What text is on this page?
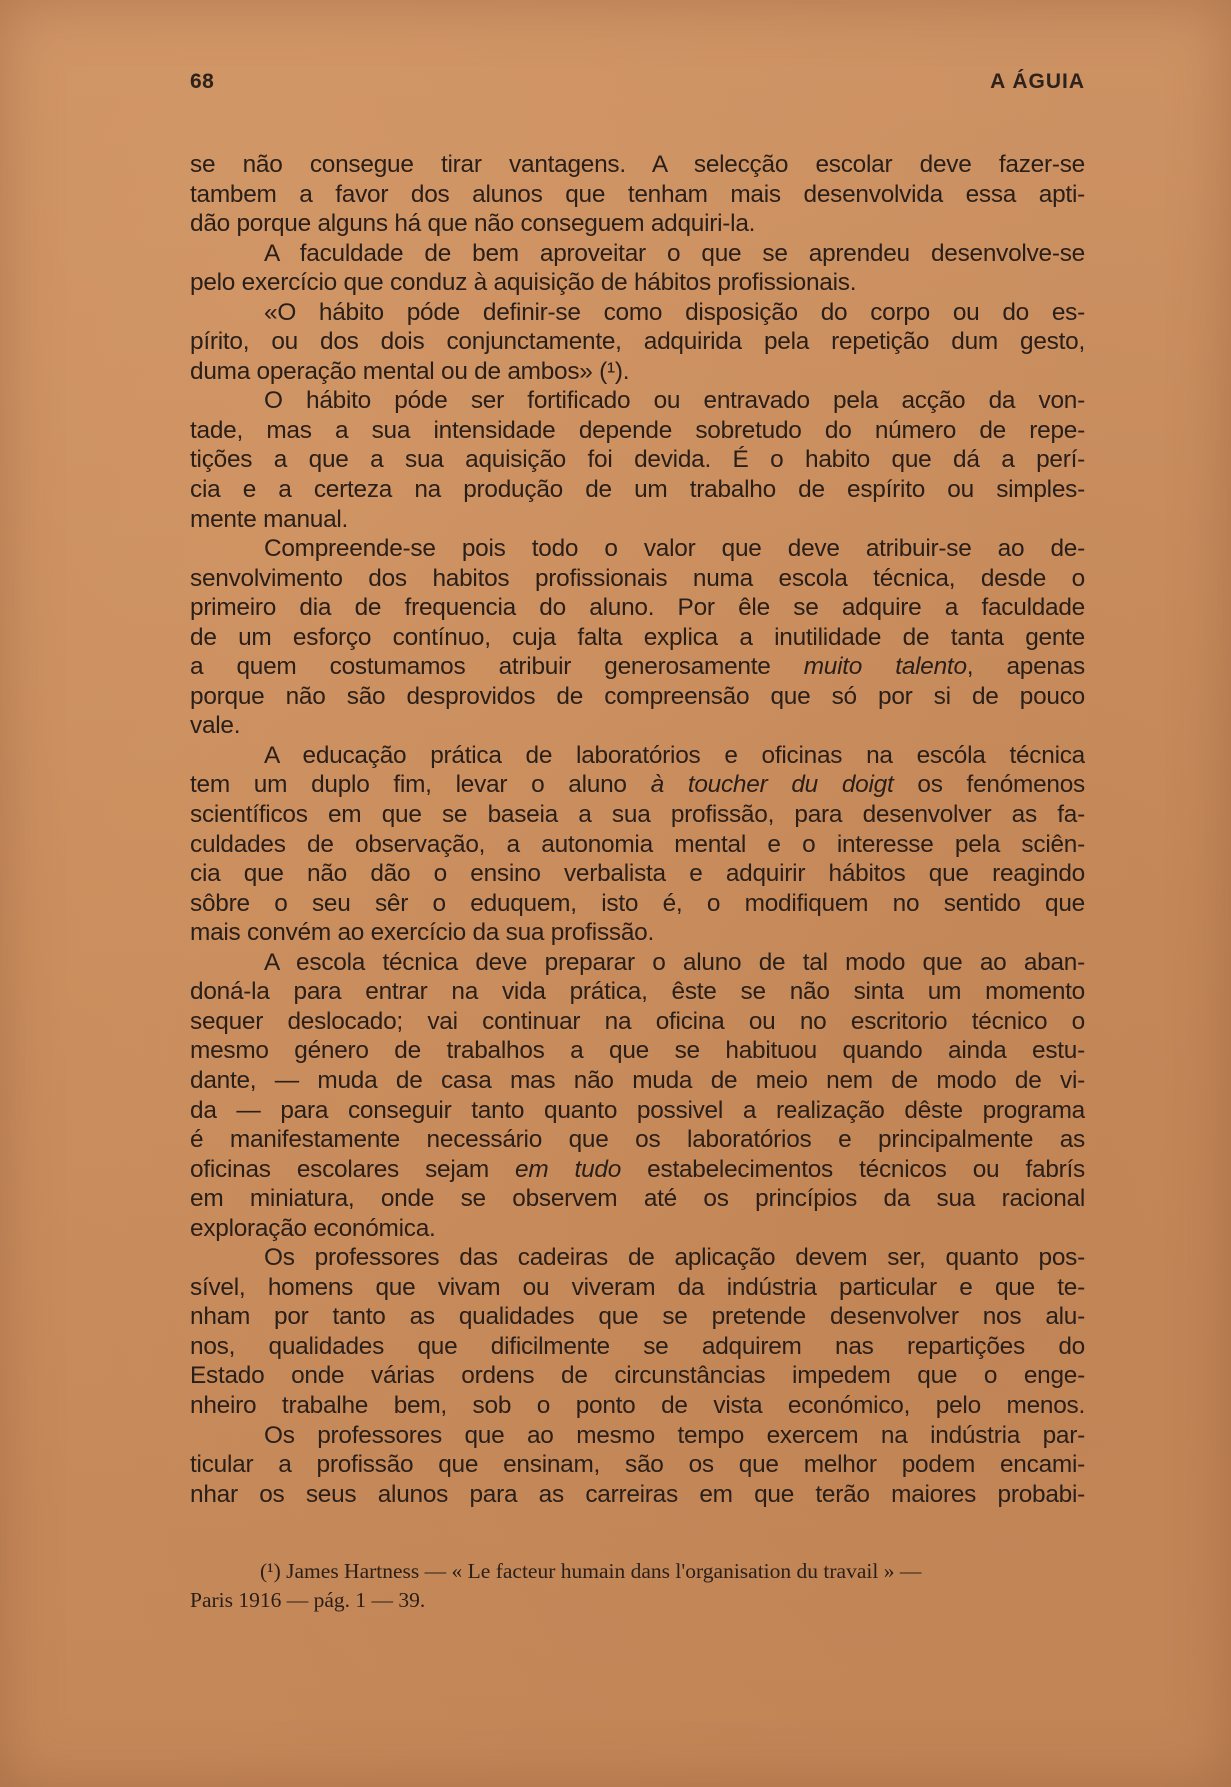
68	A ÁGUIA
se não consegue tirar vantagens. A selecção escolar deve fazer-se
tambem a favor dos alunos que tenham mais desenvolvida essa apti-
dão porque alguns há que não conseguem adquiri-la.
A faculdade de bem aproveitar o que se aprendeu desenvolve-se
pelo exercício que conduz à aquisição de hábitos profissionais.
«O hábito póde definir-se como disposição do corpo ou do es-
pírito, ou dos dois conjunctamente, adquirida pela repetição dum gesto,
duma operação mental ou de ambos» (¹).
O hábito póde ser fortificado ou entravado pela acção da von-
tade, mas a sua intensidade depende sobretudo do número de repe-
tições a que a sua aquisição foi devida. É o habito que dá a perí-
cia e a certeza na produção de um trabalho de espírito ou simples-
mente manual.
Compreende-se pois todo o valor que deve atribuir-se ao de-
senvolvimento dos habitos profissionais numa escola técnica, desde o
primeiro dia de frequencia do aluno. Por êle se adquire a faculdade
de um esforço contínuo, cuja falta explica a inutilidade de tanta gente
a quem costumamos atribuir generosamente muito talento, apenas
porque não são desprovidos de compreensão que só por si de pouco
vale.
A educação prática de laboratórios e oficinas na escóla técnica
tem um duplo fim, levar o aluno à toucher du doigt os fenómenos
scientíficos em que se baseia a sua profissão, para desenvolver as fa-
culdades de observação, a autonomia mental e o interesse pela sciên-
cia que não dão o ensino verbalista e adquirir hábitos que reagindo
sôbre o seu sêr o eduquem, isto é, o modifiquem no sentido que
mais convém ao exercício da sua profissão.
A escola técnica deve preparar o aluno de tal modo que ao aban-
doná-la para entrar na vida prática, êste se não sinta um momento
sequer deslocado; vai continuar na oficina ou no escritorio técnico o
mesmo género de trabalhos a que se habituou quando ainda estu-
dante, — muda de casa mas não muda de meio nem de modo de vi-
da — para conseguir tanto quanto possivel a realização dêste programa
é manifestamente necessário que os laboratórios e principalmente as
oficinas escolares sejam em tudo estabelecimentos técnicos ou fabrís
em miniatura, onde se observem até os princípios da sua racional
exploração económica.
Os professores das cadeiras de aplicação devem ser, quanto pos-
sível, homens que vivam ou viveram da indústria particular e que te-
nham por tanto as qualidades que se pretende desenvolver nos alu-
nos, qualidades que dificilmente se adquirem nas repartições do
Estado onde várias ordens de circunstâncias impedem que o enge-
nheiro trabalhe bem, sob o ponto de vista económico, pelo menos.
Os professores que ao mesmo tempo exercem na indústria par-
ticular a profissão que ensinam, são os que melhor podem encami-
nhar os seus alunos para as carreiras em que terão maiores probabi-
(¹) James Hartness — « Le facteur humain dans l'organisation du travail » —
Paris 1916 — pág. 1 — 39.
